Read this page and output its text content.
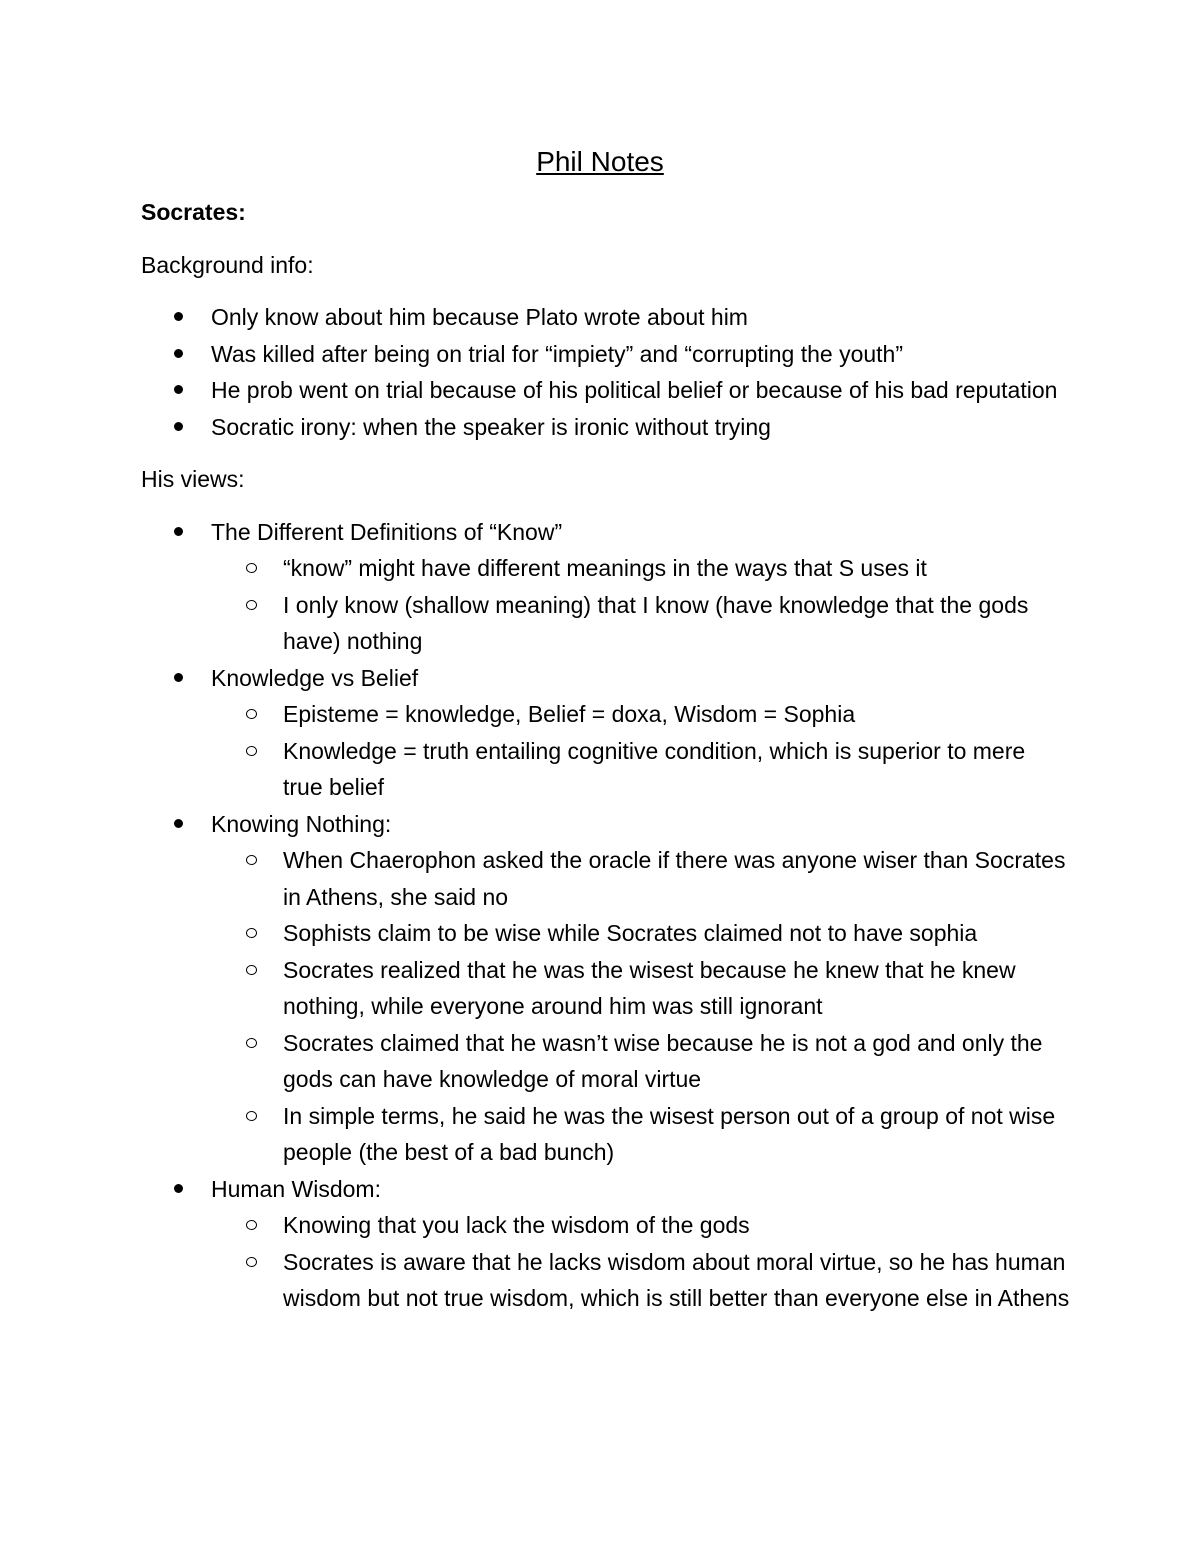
Phil Notes
Socrates:
Background info:
Only know about him because Plato wrote about him
Was killed after being on trial for “impiety” and “corrupting the youth”
He prob went on trial because of his political belief or because of his bad reputation
Socratic irony: when the speaker is ironic without trying
His views:
The Different Definitions of “Know”
“know” might have different meanings in the ways that S uses it
I only know (shallow meaning) that I know (have knowledge that the gods have) nothing
Knowledge vs Belief
Episteme = knowledge, Belief = doxa, Wisdom = Sophia
Knowledge = truth entailing cognitive condition, which is superior to mere true belief
Knowing Nothing:
When Chaerophon asked the oracle if there was anyone wiser than Socrates in Athens, she said no
Sophists claim to be wise while Socrates claimed not to have sophia
Socrates realized that he was the wisest because he knew that he knew nothing, while everyone around him was still ignorant
Socrates claimed that he wasn’t wise because he is not a god and only the gods can have knowledge of moral virtue
In simple terms, he said he was the wisest person out of a group of not wise people (the best of a bad bunch)
Human Wisdom:
Knowing that you lack the wisdom of the gods
Socrates is aware that he lacks wisdom about moral virtue, so he has human wisdom but not true wisdom, which is still better than everyone else in Athens
